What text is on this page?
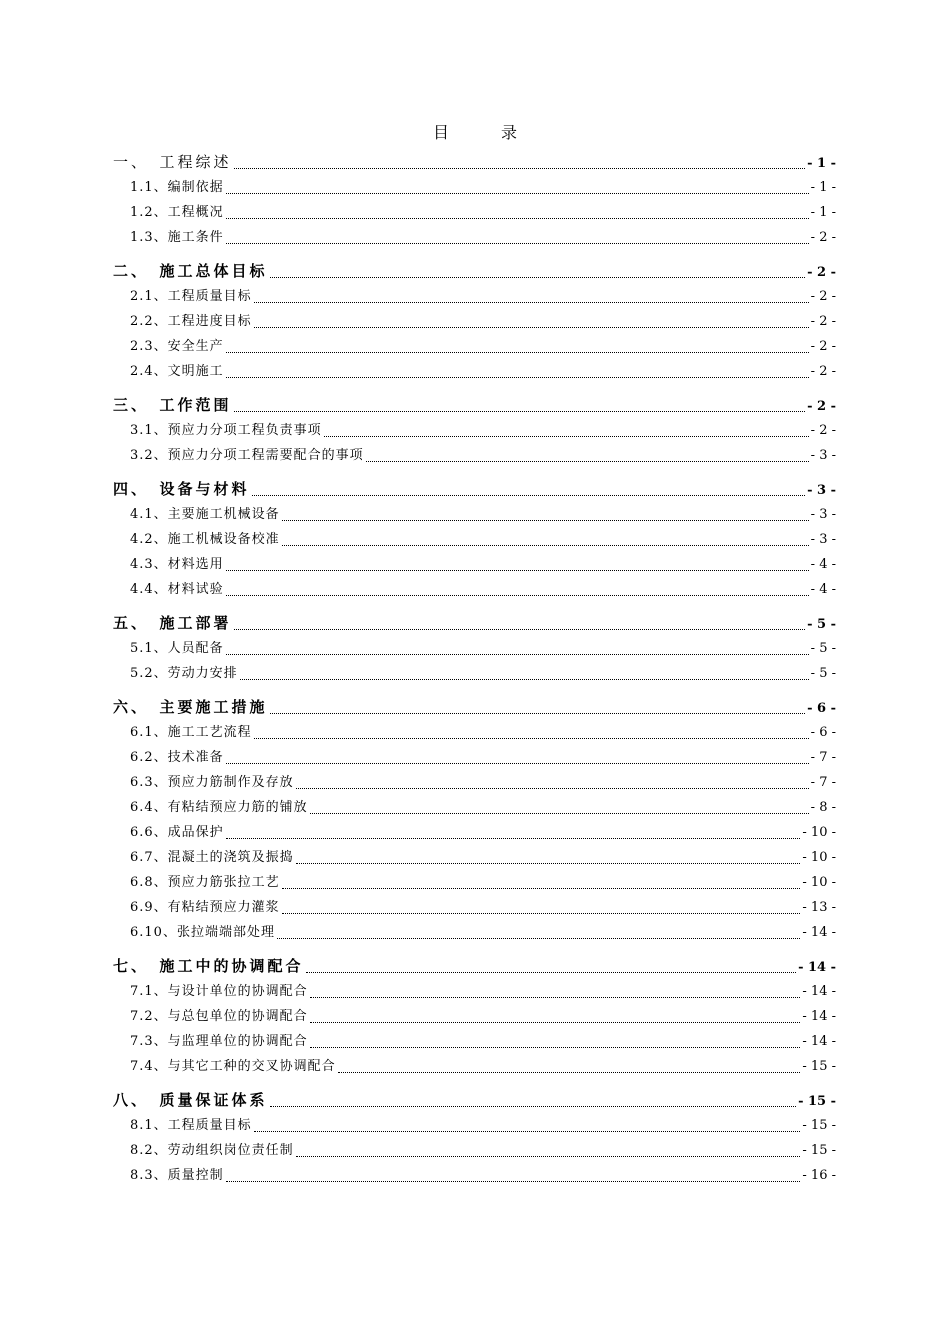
目　录
一、　工程综述	- 1 -
1.1、编制依据	- 1 -
1.2、工程概况	- 1 -
1.3、施工条件	- 2 -
二、　施工总体目标	- 2 -
2.1、工程质量目标	- 2 -
2.2、工程进度目标	- 2 -
2.3、安全生产	- 2 -
2.4、文明施工	- 2 -
三、　工作范围	- 2 -
3.1、预应力分项工程负责事项	- 2 -
3.2、预应力分项工程需要配合的事项	- 3 -
四、　设备与材料	- 3 -
4.1、主要施工机械设备	- 3 -
4.2、施工机械设备校准	- 3 -
4.3、材料选用	- 4 -
4.4、材料试验	- 4 -
五、　施工部署	- 5 -
5.1、人员配备	- 5 -
5.2、劳动力安排	- 5 -
六、　主要施工措施	- 6 -
6.1、施工工艺流程	- 6 -
6.2、技术准备	- 7 -
6.3、预应力筋制作及存放	- 7 -
6.4、有粘结预应力筋的铺放	- 8 -
6.6、成品保护	- 10 -
6.7、混凝土的浇筑及振捣	- 10 -
6.8、预应力筋张拉工艺	- 10 -
6.9、有粘结预应力灌浆	- 13 -
6.10、张拉端端部处理	- 14 -
七、　施工中的协调配合	- 14 -
7.1、与设计单位的协调配合	- 14 -
7.2、与总包单位的协调配合	- 14 -
7.3、与监理单位的协调配合	- 14 -
7.4、与其它工种的交叉协调配合	- 15 -
八、　质量保证体系	- 15 -
8.1、工程质量目标	- 15 -
8.2、劳动组织岗位责任制	- 15 -
8.3、质量控制	- 16 -
